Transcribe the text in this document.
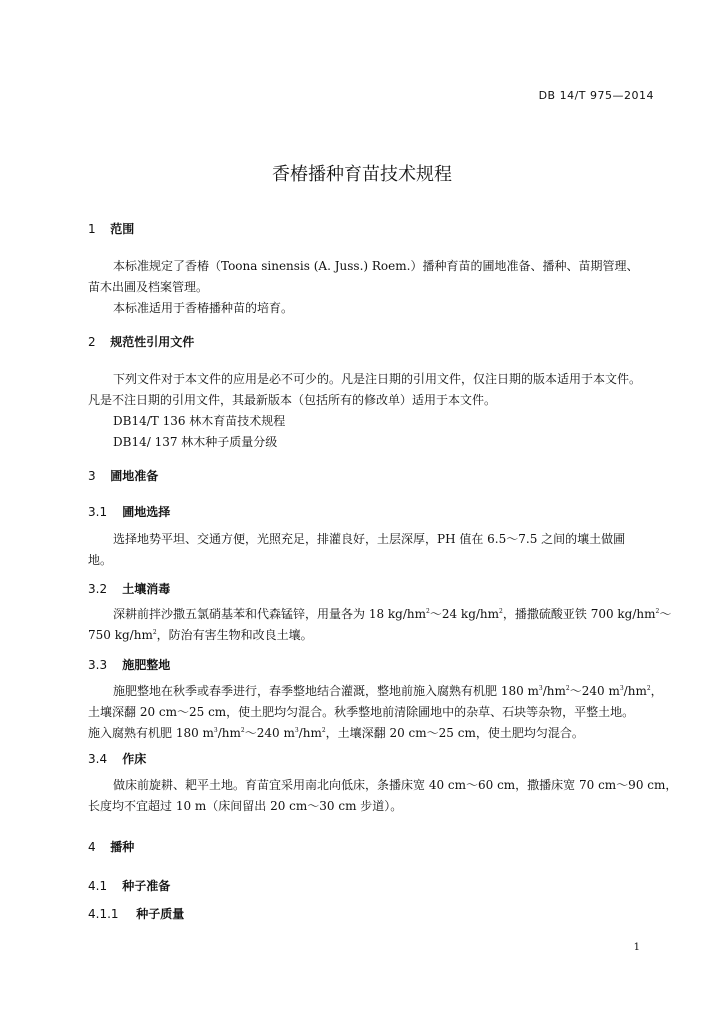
DB 14/T 975—2014
香椿播种育苗技术规程
1 范围
本标准规定了香椿（Toona sinensis (A. Juss.) Roem.）播种育苗的圃地准备、播种、苗期管理、
苗木出圃及档案管理。
本标准适用于香椿播种苗的培育。
2 规范性引用文件
下列文件对于本文件的应用是必不可少的。凡是注日期的引用文件，仅注日期的版本适用于本文件。
凡是不注日期的引用文件，其最新版本（包括所有的修改单）适用于本文件。
DB14/T 136 林木育苗技术规程
DB14/ 137 林木种子质量分级
3 圃地准备
3.1 圃地选择
选择地势平坦、交通方便，光照充足，排灌良好，土层深厚，PH 值在 6.5～7.5 之间的壤土做圃
地。
3.2 土壤消毒
深耕前拌沙撒五氯硝基苯和代森锰锌，用量各为 18 $kg/hm^2\sim 24$ $kg/hm^2$，播撒硫酸亚铁 700 $kg/hm^2\sim$
750 $kg/hm^2$，防治有害生物和改良土壤。
3.3 施肥整地
施肥整地在秋季或春季进行，春季整地结合灌溉，整地前施入腐熟有机肥 180 $m^3/hm^2\sim 240$ $m^3/hm^2$，
土壤深翻 20 cm～25 cm，使土肥均匀混合。秋季整地前清除圃地中的杂草、石块等杂物，平整土地。
施入腐熟有机肥 180 $m^3/hm^2\sim 240$ $m^3/hm^2$，土壤深翻 20 cm～25 cm，使土肥均匀混合。
3.4 作床
做床前旋耕、耙平土地。育苗宜采用南北向低床，条播床宽 40 cm～60 cm，撒播床宽 70 cm～90 cm，
长度均不宜超过 10 m（床间留出 20 cm～30 cm 步道）。
4 播种
4.1 种子准备
4.1.1 种子质量
1
